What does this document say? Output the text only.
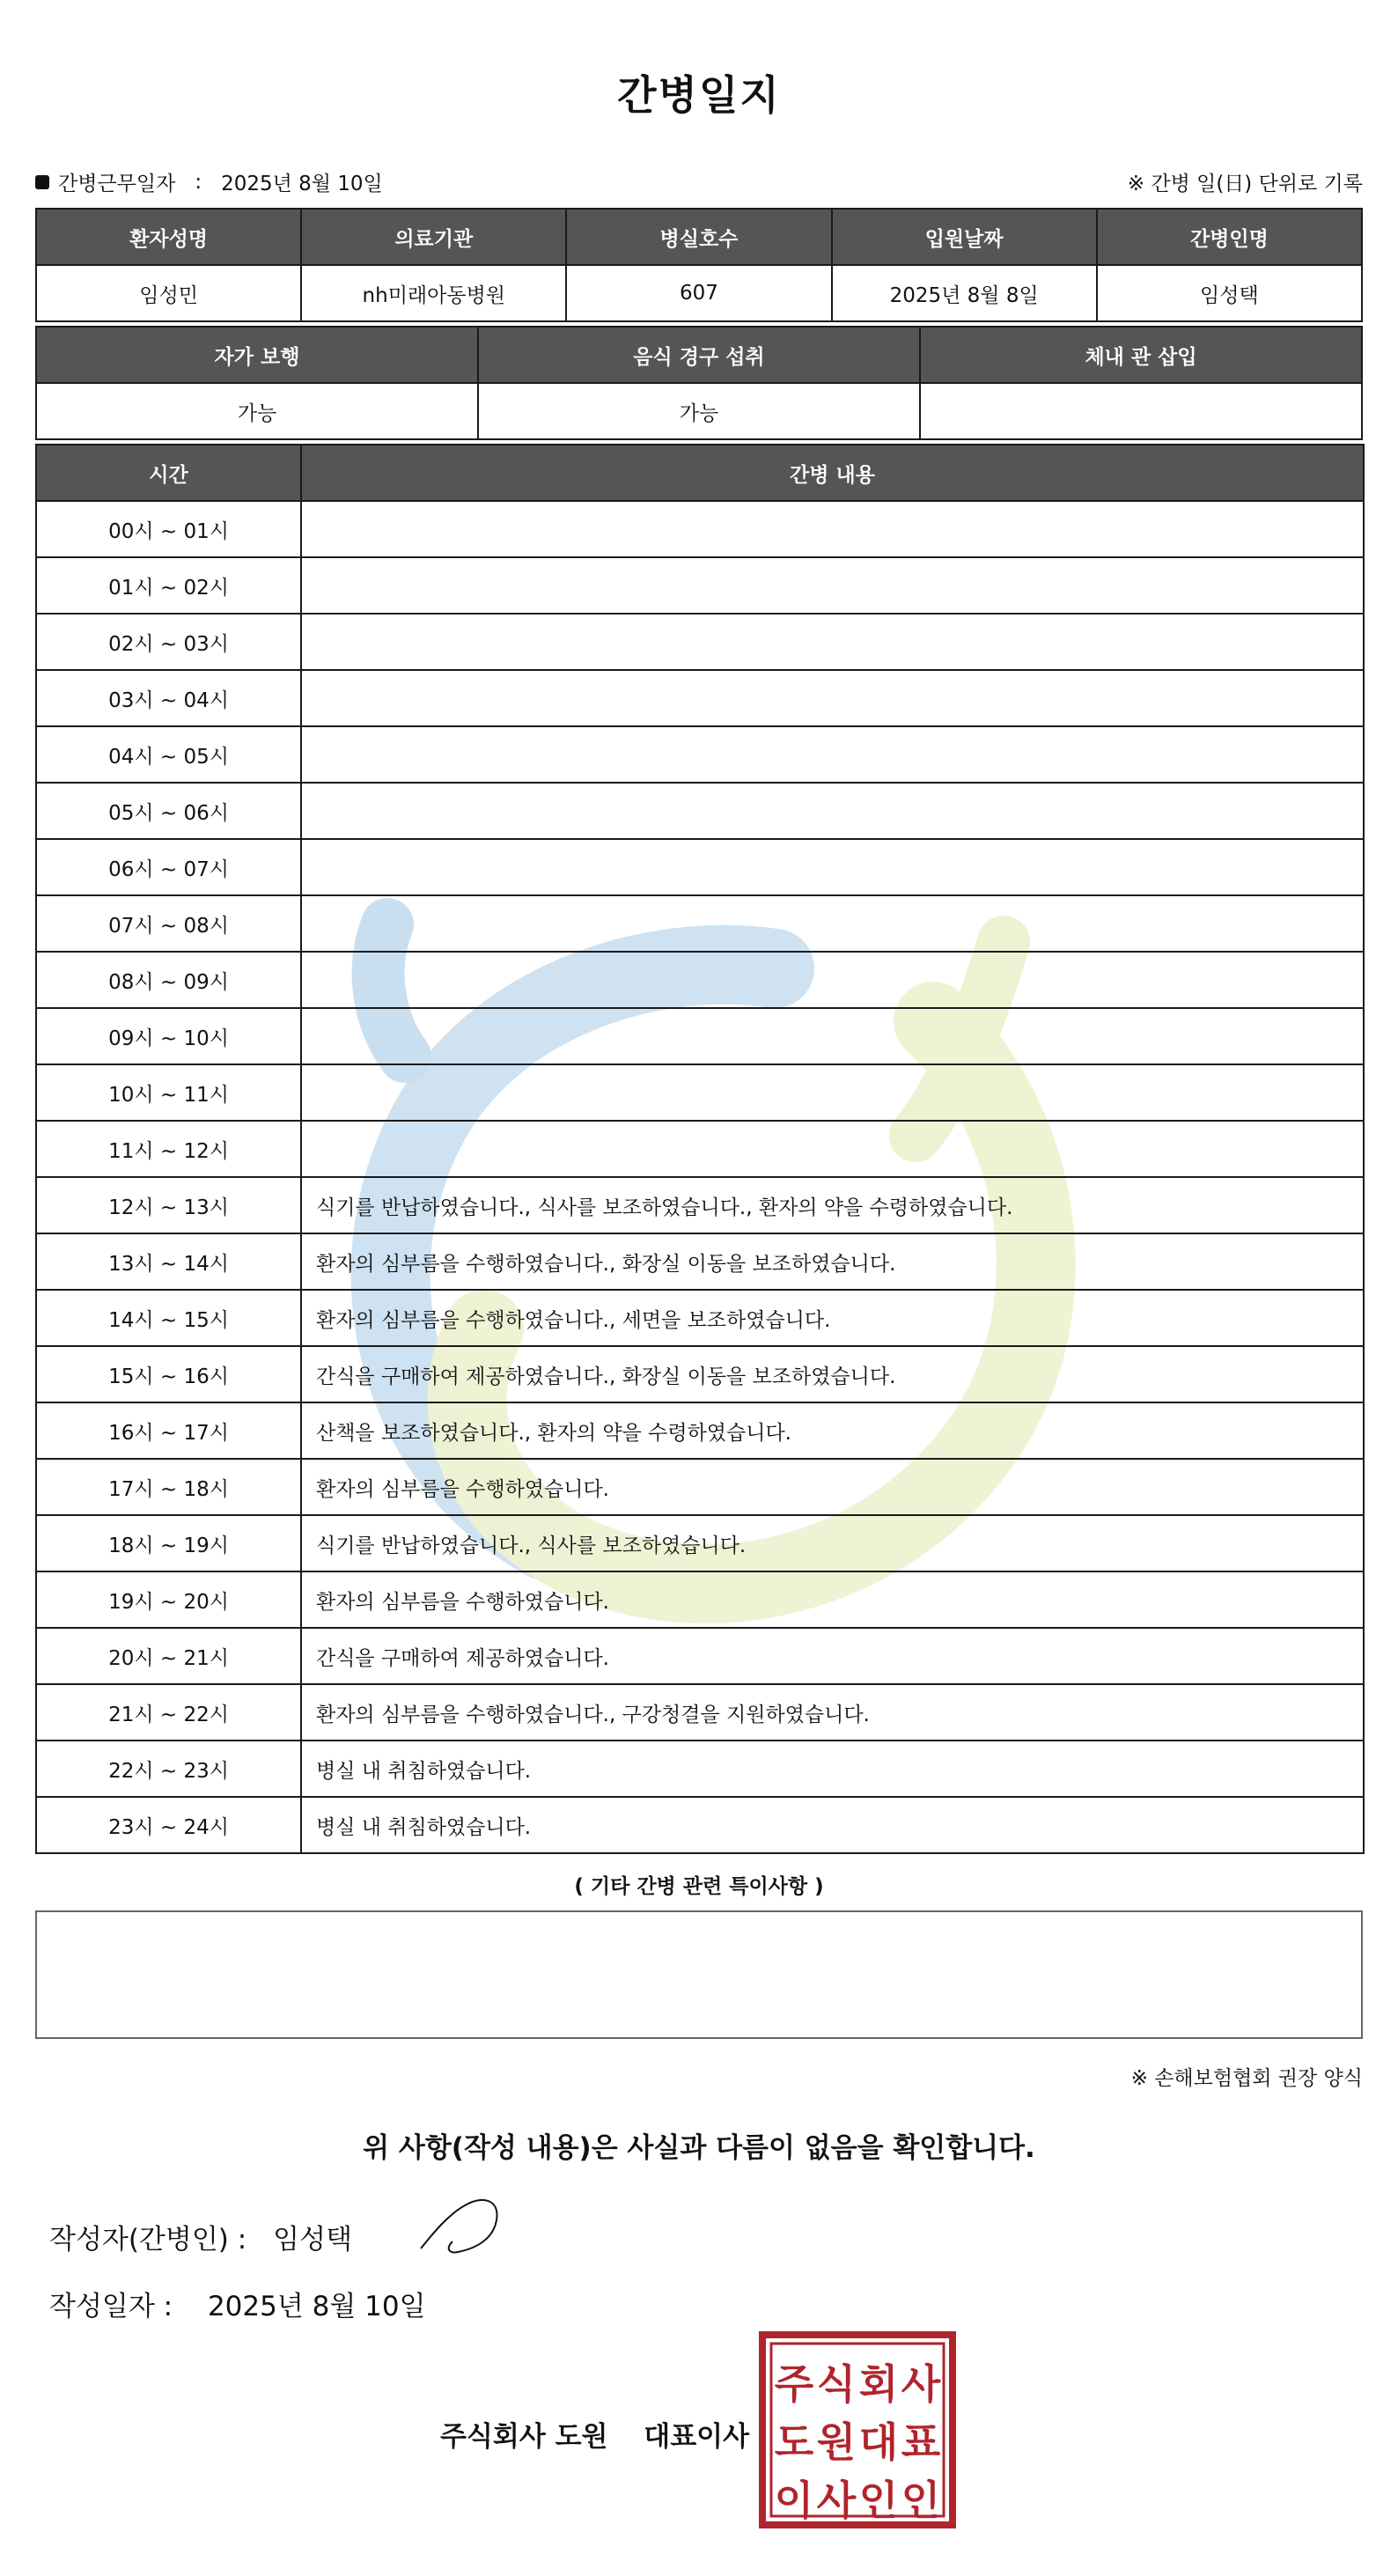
간병일지
간병근무일자 : 2025년 8월 10일	※ 간병 일(日) 단위로 기록
환자성명	의료기관	병실호수	입원날짜	간병인명
임성민	nh미래아동병원	607	2025년 8월 8일	임성택
자가 보행	음식 경구 섭취	체내 관 삽입
가능	가능	
시간	간병 내용
00시 ~ 01시	
01시 ~ 02시	
02시 ~ 03시	
03시 ~ 04시	
04시 ~ 05시	
05시 ~ 06시	
06시 ~ 07시	
07시 ~ 08시	
08시 ~ 09시	
09시 ~ 10시	
10시 ~ 11시	
11시 ~ 12시	
12시 ~ 13시	식기를 반납하였습니다., 식사를 보조하였습니다., 환자의 약을 수령하였습니다.
13시 ~ 14시	환자의 심부름을 수행하였습니다., 화장실 이동을 보조하였습니다.
14시 ~ 15시	환자의 심부름을 수행하였습니다., 세면을 보조하였습니다.
15시 ~ 16시	간식을 구매하여 제공하였습니다., 화장실 이동을 보조하였습니다.
16시 ~ 17시	산책을 보조하였습니다., 환자의 약을 수령하였습니다.
17시 ~ 18시	환자의 심부름을 수행하였습니다.
18시 ~ 19시	식기를 반납하였습니다., 식사를 보조하였습니다.
19시 ~ 20시	환자의 심부름을 수행하였습니다.
20시 ~ 21시	간식을 구매하여 제공하였습니다.
21시 ~ 22시	환자의 심부름을 수행하였습니다., 구강청결을 지원하였습니다.
22시 ~ 23시	병실 내 취침하였습니다.
23시 ~ 24시	병실 내 취침하였습니다.
( 기타 간병 관련 특이사항 )
※ 손해보험협회 권장 양식
위 사항(작성 내용)은 사실과 다름이 없음을 확인합니다.
작성자(간병인) : 임성택
작성일자 : 2025년 8월 10일
주식회사 도원 대표이사
주 식 회 사
도 원 대 표
이 사 인 인
